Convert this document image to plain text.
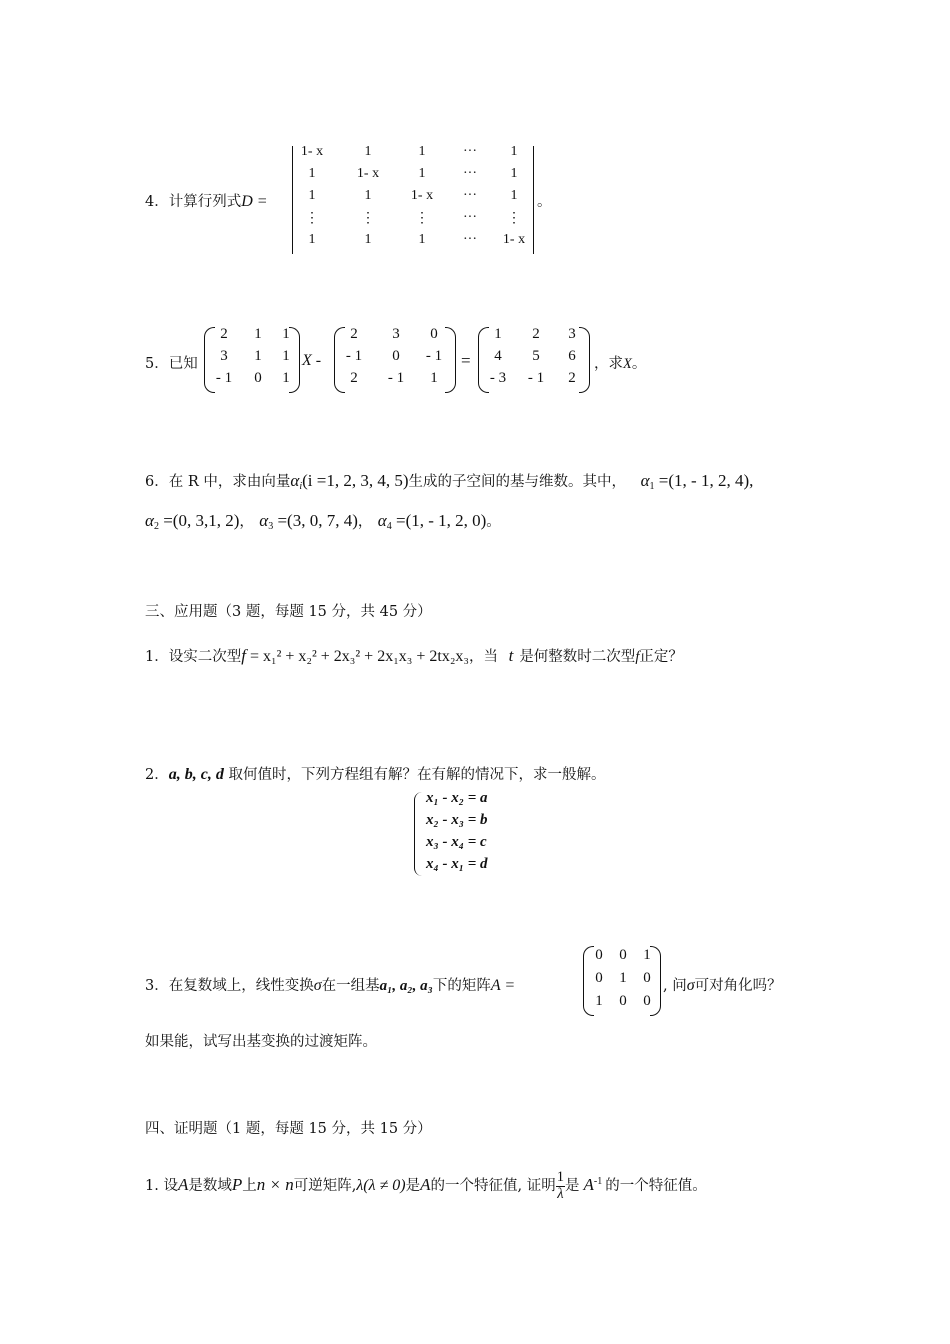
4．计算行列式D =
1- x	1	1	···	1
1	1- x	1	···	1
1	1	1- x	···	1
⋮	⋮	⋮	···	⋮
1	1	1	···	1- x
。
5．已知
2	1	1
3	1	1
- 1	0	1
X -
2	3	0
- 1	0	- 1
2	- 1	1
=
1	2	3
4	5	6
- 3	- 1	2
，求X。
6．在 R 中，求由向量$\alpha_i(i =1$, 2, 3, 4, 5)生成的子空间的基与维数。其中， $\alpha_1 =(1$, - 1, 2, 4),
$\alpha_2 =(0$, 3,1, 2)， $\alpha_3 =(3$, 0, 7, 4)， $\alpha_4 =(1$, - 1, 2, 0)。
三、应用题（3 题，每题 15 分，共 45 分）
1．设实二次型f = x₁² + x₂² + 2x₃² + 2x₁x₃ + 2tx₂x₃，当 t 是何整数时二次型f正定？
2．a, b, c, d 取何值时，下列方程组有解？在有解的情况下，求一般解。
x₁ - x₂ = a
x₂ - x₃ = b
x₃ - x₄ = c
x₄ - x₁ = d
3．在复数域上，线性变换σ在一组基a₁, a₂, a₃下的矩阵A =
0	0	1
0	1	0
1	0	0
, 问σ可对角化吗？
如果能，试写出基变换的过渡矩阵。
四、证明题（1 题，每题 15 分，共 15 分）
1. 设A是数域P上n × n可逆矩阵,λ(λ ≠ 0)是A的一个特征值, 证明 $\frac{1}{\lambda}$ 是 $A^{-1}$ 的一个特征值。
